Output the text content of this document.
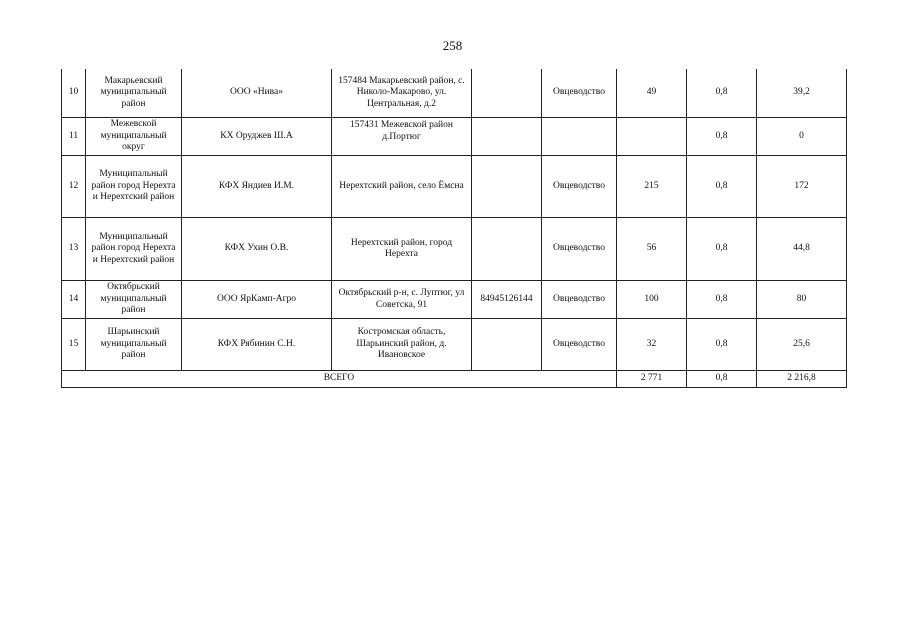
258
10	Макарьевский муниципальный район	ООО «Нива»	157484 Макарьевский район, с. Николо-Макарово, ул. Центральная, д.2		Овцеводство	49	0,8	39,2
11	Межевской муниципальный округ	КХ Оруджев Ш.А	157431 Межевской район д.Портюг				0,8	0
12	Муниципальный район город Нерехта и Нерехтский район	КФХ Яндиев И.М.	Нерехтский район, село Ёмсна		Овцеводство	215	0,8	172
13	Муниципальный район город Нерехта и Нерехтский район	КФХ Ухин О.В.	Нерехтский район, город Нерехта		Овцеводство	56	0,8	44,8
14	Октябрьский муниципальный район	ООО ЯрКамп-Агро	Октябрьский р-н, с. Луптюг, ул Советска, 91	84945126144	Овцеводство	100	0,8	80
15	Шарьинский муниципальный район	КФХ Рябинин С.Н.	Костромская область, Шарьинский район, д. Ивановское		Овцеводство	32	0,8	25,6
ВСЕГО						2 771	0,8	2 216,8
